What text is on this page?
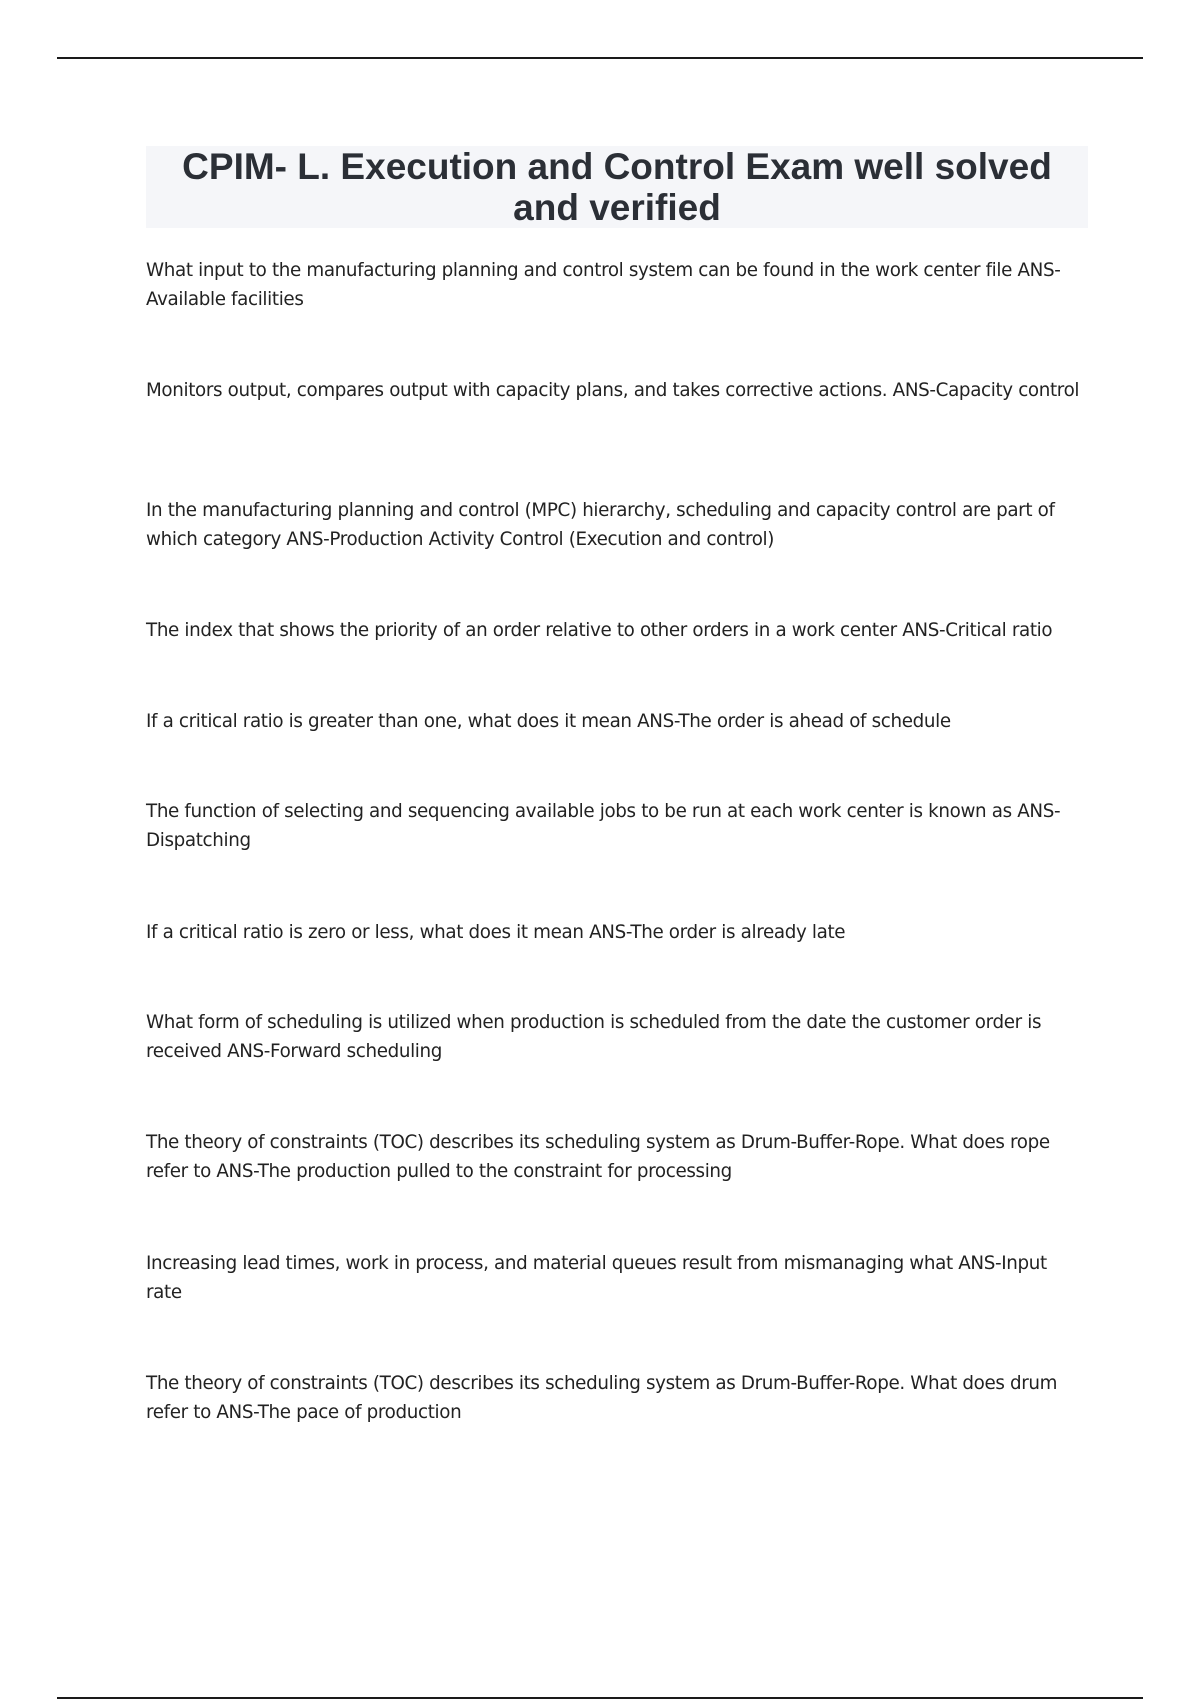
CPIM- L. Execution and Control Exam well solved and verified
What input to the manufacturing planning and control system can be found in the work center file ANS-Available facilities
Monitors output, compares output with capacity plans, and takes corrective actions. ANS-Capacity control
In the manufacturing planning and control (MPC) hierarchy, scheduling and capacity control are part of which category ANS-Production Activity Control (Execution and control)
The index that shows the priority of an order relative to other orders in a work center ANS-Critical ratio
If a critical ratio is greater than one, what does it mean ANS-The order is ahead of schedule
The function of selecting and sequencing available jobs to be run at each work center is known as ANS-Dispatching
If a critical ratio is zero or less, what does it mean ANS-The order is already late
What form of scheduling is utilized when production is scheduled from the date the customer order is received ANS-Forward scheduling
The theory of constraints (TOC) describes its scheduling system as Drum-Buffer-Rope. What does rope refer to ANS-The production pulled to the constraint for processing
Increasing lead times, work in process, and material queues result from mismanaging what ANS-Input rate
The theory of constraints (TOC) describes its scheduling system as Drum-Buffer-Rope. What does drum refer to ANS-The pace of production
